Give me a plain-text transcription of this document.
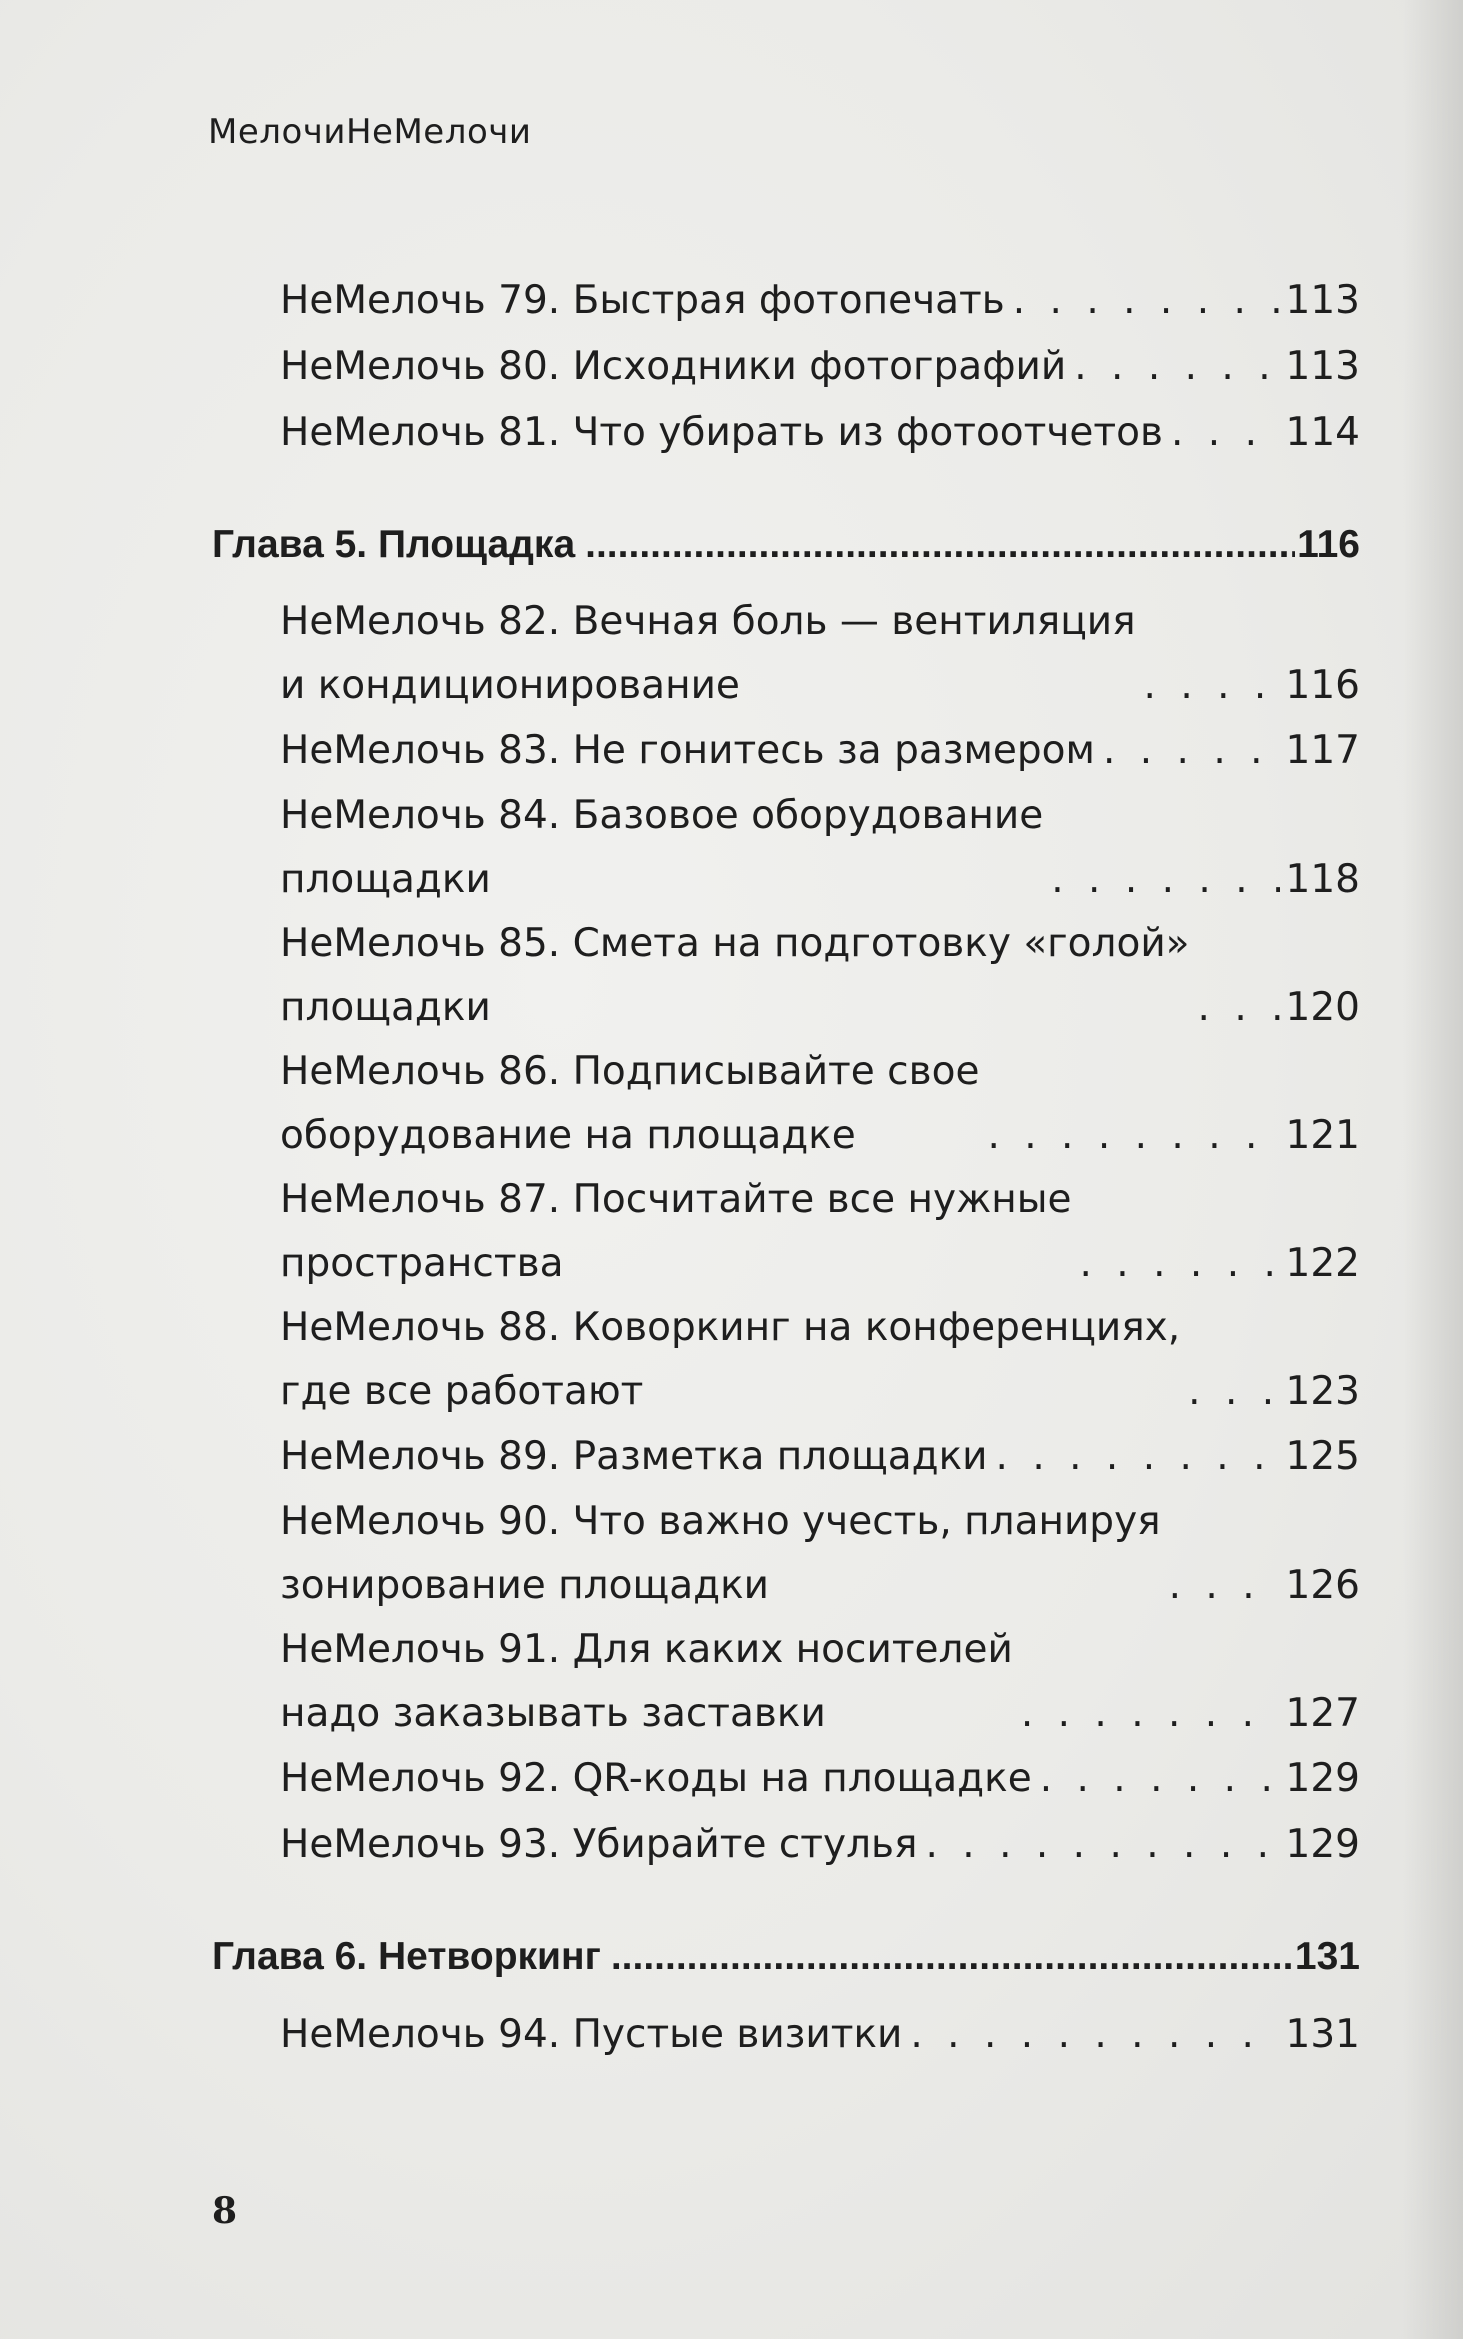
МелочиНеМелочи
НеМелочь 79. Быстрая фотопечать . . .	113
НеМелочь 80. Исходники фотографий . . .	113
НеМелочь 81. Что убирать из фотоотчетов . . .	114
Глава 5. Площадка .....	116
НеМелочь 82. Вечная боль — вентиляция
и кондиционирование . . .	116
НеМелочь 83. Не гонитесь за размером . . .	117
НеМелочь 84. Базовое оборудование
площадки . . .	118
НеМелочь 85. Смета на подготовку «голой»
площадки . . .	120
НеМелочь 86. Подписывайте свое
оборудование на площадке . . .	121
НеМелочь 87. Посчитайте все нужные
пространства . . .	122
НеМелочь 88. Коворкинг на конференциях,
где все работают . . .	123
НеМелочь 89. Разметка площадки . . .	125
НеМелочь 90. Что важно учесть, планируя
зонирование площадки . . .	126
НеМелочь 91. Для каких носителей
надо заказывать заставки . . .	127
НеМелочь 92. QR-коды на площадке . . .	129
НеМелочь 93. Убирайте стулья . . .	129
Глава 6. Нетворкинг .....	131
НеМелочь 94. Пустые визитки . . .	131
8
